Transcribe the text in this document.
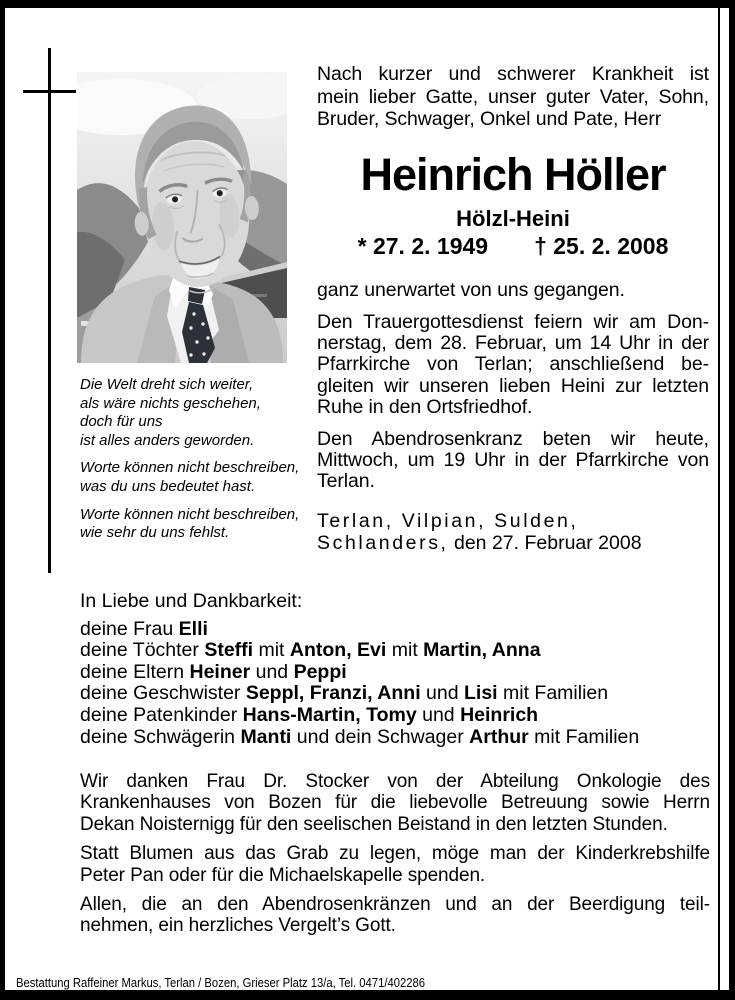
Nach kurzer und schwerer Krankheit ist
mein lieber Gatte, unser guter Vater, Sohn,
Bruder, Schwager, Onkel und Pate, Herr
Heinrich Höller
Hölzl-Heini
* 27. 2. 1949 † 25. 2. 2008
ganz unerwartet von uns gegangen.
Den Trauergottesdienst feiern wir am Don-
nerstag, dem 28. Februar, um 14 Uhr in der
Pfarrkirche von Terlan; anschließend be-
gleiten wir unseren lieben Heini zur letzten
Ruhe in den Ortsfriedhof.
Den Abendrosenkranz beten wir heute,
Mittwoch, um 19 Uhr in der Pfarrkirche von
Terlan.
Terlan, Vilpian, Sulden,
Schlanders, den 27. Februar 2008
Die Welt dreht sich weiter,
als wäre nichts geschehen,
doch für uns
ist alles anders geworden.
Worte können nicht beschreiben,
was du uns bedeutet hast.
Worte können nicht beschreiben,
wie sehr du uns fehlst.
In Liebe und Dankbarkeit:
deine Frau Elli
deine Töchter Steffi mit Anton, Evi mit Martin, Anna
deine Eltern Heiner und Peppi
deine Geschwister Seppl, Franzi, Anni und Lisi mit Familien
deine Patenkinder Hans-Martin, Tomy und Heinrich
deine Schwägerin Manti und dein Schwager Arthur mit Familien
Wir danken Frau Dr. Stocker von der Abteilung Onkologie des
Krankenhauses von Bozen für die liebevolle Betreuung sowie Herrn
Dekan Noisternigg für den seelischen Beistand in den letzten Stunden.
Statt Blumen aus das Grab zu legen, möge man der Kinderkrebshilfe
Peter Pan oder für die Michaelskapelle spenden.
Allen, die an den Abendrosenkränzen und an der Beerdigung teil-
nehmen, ein herzliches Vergelt’s Gott.
Bestattung Raffeiner Markus, Terlan / Bozen, Grieser Platz 13/a, Tel. 0471/402286
